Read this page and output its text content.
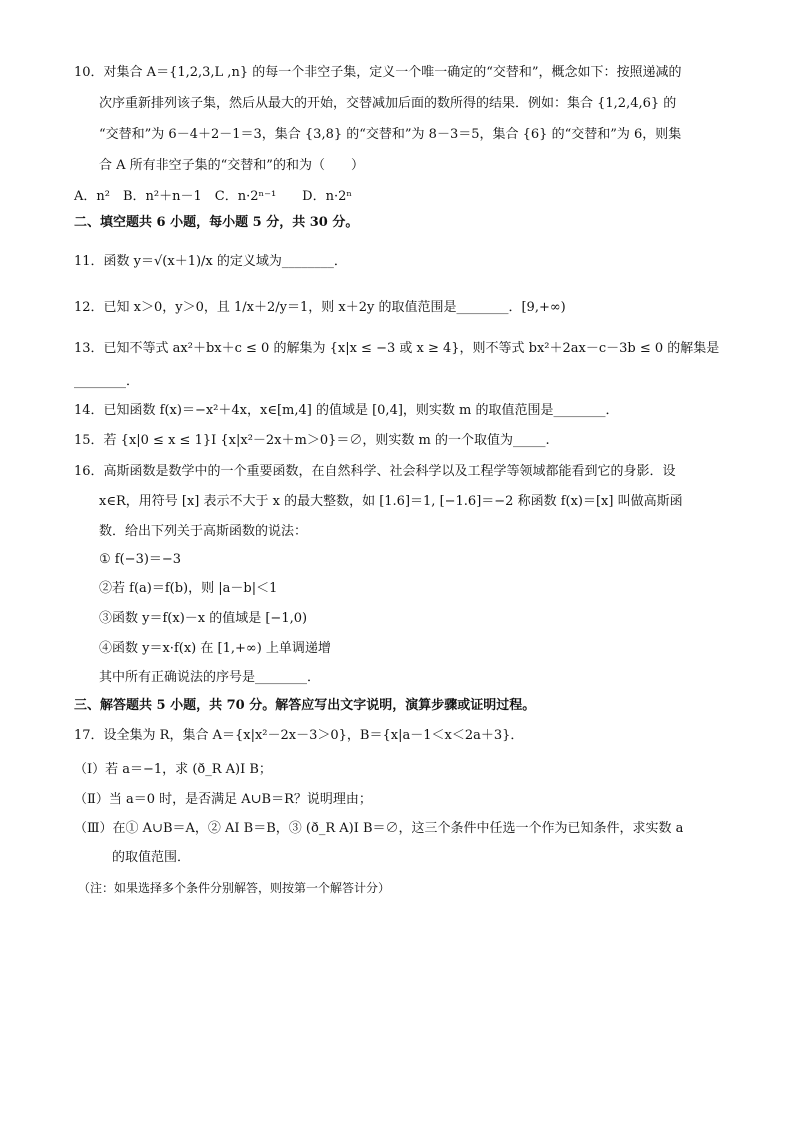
10．对集合 A＝{1,2,3,L ,n} 的每一个非空子集，定义一个唯一确定的“交替和”，概念如下：按照递减的
次序重新排列该子集，然后从最大的开始，交替减加后面的数所得的结果．例如：集合 {1,2,4,6} 的
“交替和”为 6－4＋2－1＝3，集合 {3,8} 的“交替和”为 8－3＝5，集合 {6} 的“交替和”为 6，则集
合 A 所有非空子集的“交替和”的和为（　　）
A．n²　B．n²＋n－1　C．n·2ⁿ⁻¹　　D．n·2ⁿ
二、填空题共 6 小题，每小题 5 分，共 30 分。
11．函数 y＝√(x＋1)/x 的定义域为________．
12．已知 x＞0，y＞0，且 1/x＋2/y＝1，则 x＋2y 的取值范围是________．[9,+∞)
13．已知不等式 ax²＋bx＋c ≤ 0 的解集为 {x|x ≤ −3 或 x ≥ 4}，则不等式 bx²＋2ax－c－3b ≤ 0 的解集是
________．
14．已知函数 f(x)＝−x²＋4x，x∈[m,4] 的值域是 [0,4]，则实数 m 的取值范围是________．
15．若 {x|0 ≤ x ≤ 1}I {x|x²－2x＋m＞0}＝∅，则实数 m 的一个取值为_____.
16．高斯函数是数学中的一个重要函数，在自然科学、社会科学以及工程学等领域都能看到它的身影．设
x∈R，用符号 [x] 表示不大于 x 的最大整数，如 [1.6]＝1, [−1.6]＝−2 称函数 f(x)＝[x] 叫做高斯函
数．给出下列关于高斯函数的说法：
① f(−3)＝−3
②若 f(a)＝f(b)，则 |a－b|＜1
③函数 y＝f(x)－x 的值域是 [−1,0)
④函数 y＝x·f(x) 在 [1,+∞) 上单调递增
其中所有正确说法的序号是________．
三、解答题共 5 小题，共 70 分。解答应写出文字说明，演算步骤或证明过程。
17．设全集为 R，集合 A＝{x|x²－2x－3＞0}，B＝{x|a－1＜x＜2a＋3}．
（Ⅰ）若 a＝−1，求 (ð_R A)I B；
（Ⅱ）当 a＝0 时，是否满足 A∪B＝R？说明理由；
（Ⅲ）在① A∪B＝A，② AI B＝B，③ (ð_R A)I B＝∅，这三个条件中任选一个作为已知条件，求实数 a
的取值范围．
（注：如果选择多个条件分别解答，则按第一个解答计分）
